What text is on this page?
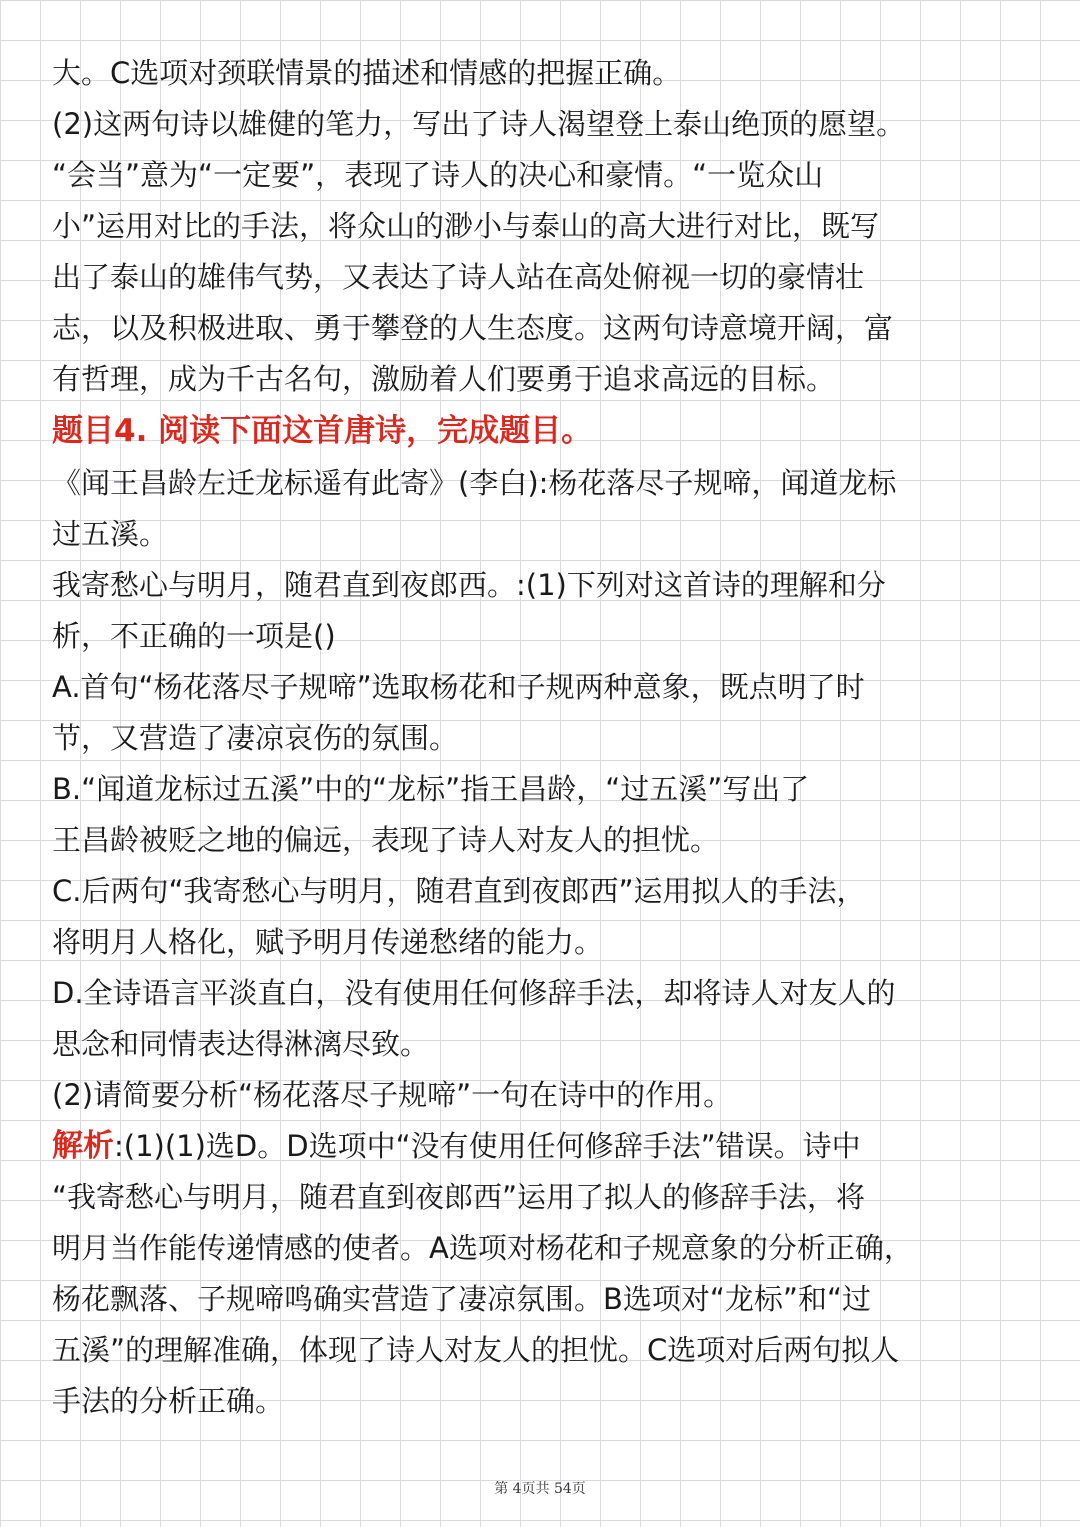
大。C选项对颈联情景的描述和情感的把握正确。
(2)这两句诗以雄健的笔力，写出了诗人渴望登上泰山绝顶的愿望。
“会当”意为“一定要”，表现了诗人的决心和豪情。“一览众山
小”运用对比的手法，将众山的渺小与泰山的高大进行对比，既写
出了泰山的雄伟气势，又表达了诗人站在高处俯视一切的豪情壮
志，以及积极进取、勇于攀登的人生态度。这两句诗意境开阔，富
有哲理，成为千古名句，激励着人们要勇于追求高远的目标。
题目4. 阅读下面这首唐诗，完成题目。
《闻王昌龄左迁龙标遥有此寄》(李白):杨花落尽子规啼，闻道龙标
过五溪。
我寄愁心与明月，随君直到夜郎西。:(1)下列对这首诗的理解和分
析，不正确的一项是()
A.首句“杨花落尽子规啼”选取杨花和子规两种意象，既点明了时
节，又营造了凄凉哀伤的氛围。
B.“闻道龙标过五溪”中的“龙标”指王昌龄，“过五溪”写出了
王昌龄被贬之地的偏远，表现了诗人对友人的担忧。
C.后两句“我寄愁心与明月，随君直到夜郎西”运用拟人的手法，
将明月人格化，赋予明月传递愁绪的能力。
D.全诗语言平淡直白，没有使用任何修辞手法，却将诗人对友人的
思念和同情表达得淋漓尽致。
(2)请简要分析“杨花落尽子规啼”一句在诗中的作用。
解析:(1)(1)选D。D选项中“没有使用任何修辞手法”错误。诗中
“我寄愁心与明月，随君直到夜郎西”运用了拟人的修辞手法，将
明月当作能传递情感的使者。A选项对杨花和子规意象的分析正确，
杨花飘落、子规啼鸣确实营造了凄凉氛围。B选项对“龙标”和“过
五溪”的理解准确，体现了诗人对友人的担忧。C选项对后两句拟人
手法的分析正确。
第 4页共 54页
